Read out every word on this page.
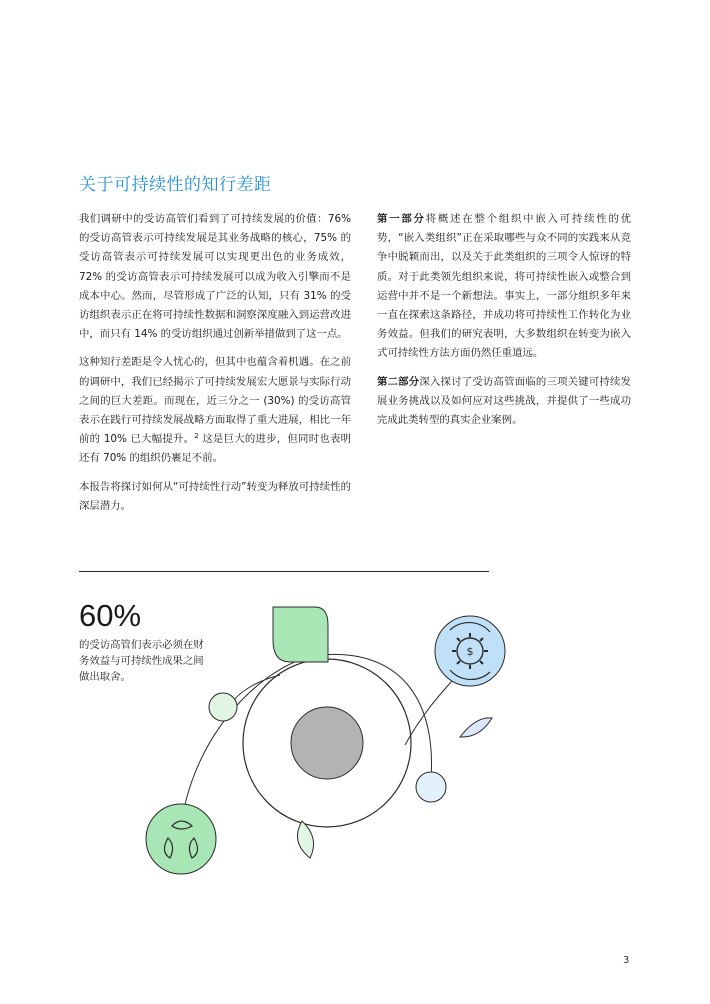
关于可持续性的知行差距

我们调研中的受访高管们看到了可持续发展的价值：76% 的受访高管表示可持续发展是其业务战略的核心，75% 的受访高管表示可持续发展可以实现更出色的业务成效，72% 的受访高管表示可持续发展可以成为收入引擎而不是成本中心。然而，尽管形成了广泛的认知，只有 31% 的受访组织表示正在将可持续性数据和洞察深度融入到运营改进中，而只有 14% 的受访组织通过创新举措做到了这一点。

这种知行差距是令人忧心的，但其中也蕴含着机遇。在之前的调研中，我们已经揭示了可持续发展宏大愿景与实际行动之间的巨大差距。而现在，近三分之一 (30%) 的受访高管表示在践行可持续发展战略方面取得了重大进展，相比一年前的 10% 已大幅提升。$^2$ 这是巨大的进步，但同时也表明还有 70% 的组织仍裹足不前。

本报告将探讨如何从“可持续性行动”转变为释放可持续性的深层潜力。

第一部分将概述在整个组织中嵌入可持续性的优势，“嵌入类组织”正在采取哪些与众不同的实践来从竞争中脱颖而出，以及关于此类组织的三项令人惊讶的特质。对于此类领先组织来说，将可持续性嵌入或整合到运营中并不是一个新想法。事实上，一部分组织多年来一直在探索这条路径，并成功将可持续性工作转化为业务效益。但我们的研究表明，大多数组织在转变为嵌入式可持续性方法方面仍然任重道远。

第二部分深入探讨了受访高管面临的三项关键可持续发展业务挑战以及如何应对这些挑战，并提供了一些成功完成此类转型的真实企业案例。

60%
的受访高管们表示必须在财务效益与可持续性成果之间做出取舍。
$
3
